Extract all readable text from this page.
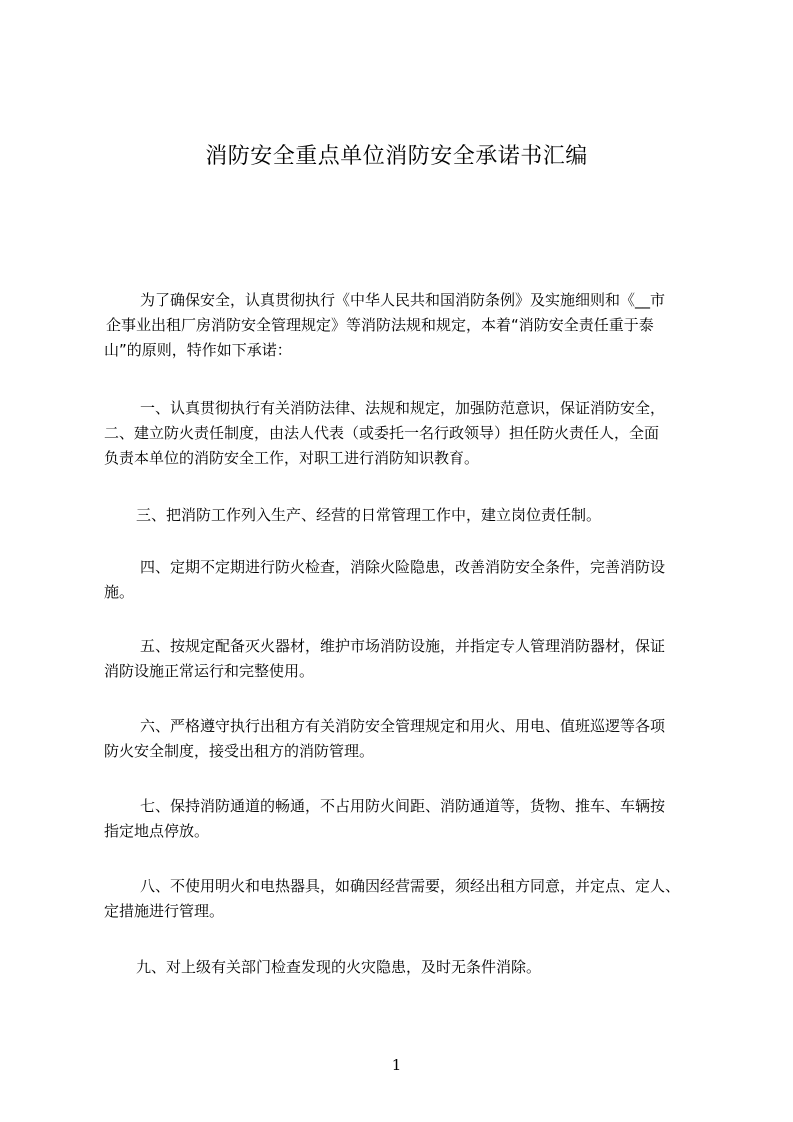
消防安全重点单位消防安全承诺书汇编
为了确保安全，认真贯彻执行《中华人民共和国消防条例》及实施细则和《__市
企事业出租厂房消防安全管理规定》等消防法规和规定，本着“消防安全责任重于泰
山”的原则，特作如下承诺：
一、认真贯彻执行有关消防法律、法规和规定，加强防范意识，保证消防安全，
二、建立防火责任制度，由法人代表（或委托一名行政领导）担任防火责任人，全面
负责本单位的消防安全工作，对职工进行消防知识教育。
三、把消防工作列入生产、经营的日常管理工作中，建立岗位责任制。
四、定期不定期进行防火检查，消除火险隐患，改善消防安全条件，完善消防设
施。
五、按规定配备灭火器材，维护市场消防设施，并指定专人管理消防器材，保证
消防设施正常运行和完整使用。
六、严格遵守执行出租方有关消防安全管理规定和用火、用电、值班巡逻等各项
防火安全制度，接受出租方的消防管理。
七、保持消防通道的畅通，不占用防火间距、消防通道等，货物、推车、车辆按
指定地点停放。
八、不使用明火和电热器具，如确因经营需要，须经出租方同意，并定点、定人、
定措施进行管理。
九、对上级有关部门检查发现的火灾隐患，及时无条件消除。
1
